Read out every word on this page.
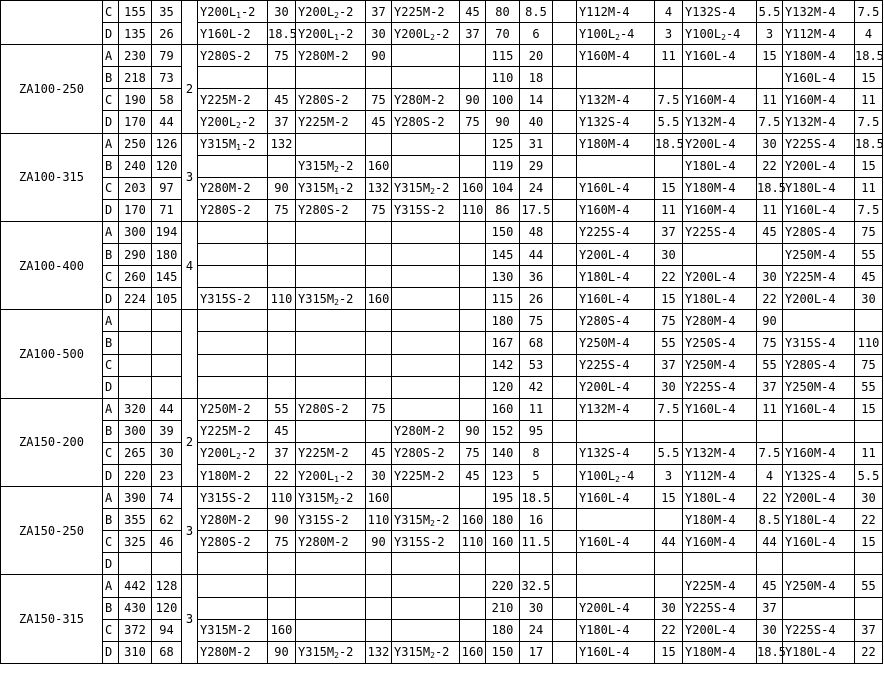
	C	155	35		$Y200L_1-2$	30	$Y200L_2-2$	37	Y225M-2	45	80	8.5		Y112M-4	4	Y132S-4	5.5	Y132M-4	7.5
	D	135	26		Y160L-2	18.5	$Y200L_1-2$	30	$Y200L_2-2$	37	70	6		$Y100L_2-4$	3	$Y100L_2-4$	3	Y112M-4	4
ZA100-250	A	230	79	2	Y280S-2	75	Y280M-2	90			115	20		Y160M-4	11	Y160L-4	15	Y180M-4	18.5
	B	218	73								110	18						Y160L-4	15
	C	190	58		Y225M-2	45	Y280S-2	75	Y280M-2	90	100	14		Y132M-4	7.5	Y160M-4	11	Y160M-4	11
	D	170	44		$Y200L_2-2$	37	Y225M-2	45	Y280S-2	75	90	40		Y132S-4	5.5	Y132M-4	7.5	Y132M-4	7.5
ZA100-315	A	250	126	3	$Y315M_1-2$	132					125	31		Y180M-4	18.5	Y200L-4	30	Y225S-4	18.5
	B	240	120				$Y315M_2-2$	160			119	29				Y180L-4	22	Y200L-4	15
	C	203	97		Y280M-2	90	$Y315M_1-2$	132	$Y315M_2-2$	160	104	24		Y160L-4	15	Y180M-4	18.5	Y180L-4	11
	D	170	71		Y280S-2	75	Y280S-2	75	Y315S-2	110	86	17.5		Y160M-4	11	Y160M-4	11	Y160L-4	7.5
ZA100-400	A	300	194	4							150	48		Y225S-4	37	Y225S-4	45	Y280S-4	75
	B	290	180								145	44		Y200L-4	30			Y250M-4	55
	C	260	145								130	36		Y180L-4	22	Y200L-4	30	Y225M-4	45
	D	224	105		Y315S-2	110	$Y315M_2-2$	160			115	26		Y160L-4	15	Y180L-4	22	Y200L-4	30
ZA100-500	A										180	75		Y280S-4	75	Y280M-4	90		
	B										167	68		Y250M-4	55	Y250S-4	75	Y315S-4	110
	C										142	53		Y225S-4	37	Y250M-4	55	Y280S-4	75
	D										120	42		Y200L-4	30	Y225S-4	37	Y250M-4	55
ZA150-200	A	320	44	2	Y250M-2	55	Y280S-2	75			160	11		Y132M-4	7.5	Y160L-4	11	Y160L-4	15
	B	300	39		Y225M-2	45			Y280M-2	90	152	95							
	C	265	30		$Y200L_2-2$	37	Y225M-2	45	Y280S-2	75	140	8		Y132S-4	5.5	Y132M-4	7.5	Y160M-4	11
	D	220	23		Y180M-2	22	$Y200L_1-2$	30	Y225M-2	45	123	5		$Y100L_2-4$	3	Y112M-4	4	Y132S-4	5.5
ZA150-250	A	390	74	3	Y315S-2	110	$Y315M_2-2$	160			195	18.5		Y160L-4	15	Y180L-4	22	Y200L-4	30
	B	355	62		Y280M-2	90	Y315S-2	110	$Y315M_2-2$	160	180	16				Y180M-4	8.5	Y180L-4	22
	C	325	46		Y280S-2	75	Y280M-2	90	Y315S-2	110	160	11.5		Y160L-4	44	Y160M-4	44	Y160L-4	15
	D																		
ZA150-315	A	442	128	3							220	32.5				Y225M-4	45	Y250M-4	55
	B	430	120								210	30		Y200L-4	30	Y225S-4	37		
	C	372	94		Y315M-2	160					180	24		Y180L-4	22	Y200L-4	30	Y225S-4	37
	D	310	68		Y280M-2	90	$Y315M_2-2$	132	$Y315M_2-2$	160	150	17		Y160L-4	15	Y180M-4	18.5	Y180L-4	22
